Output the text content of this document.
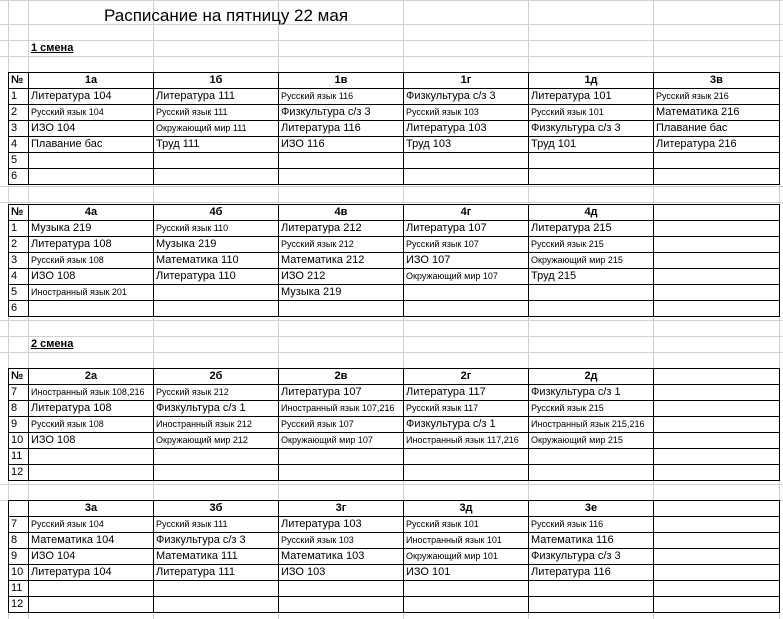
Расписание на пятницу 22 мая
1 смена
2 смена
№	1а	1б	1в	1г	1д	3в
1	Литература 104	Литература 111	Русский язык 116	Физкультура с/з 3	Литература 101	Русский язык 216
2	Русский язык 104	Русский язык 111	Физкультура с/з 3	Русский язык 103	Русский язык 101	Математика 216
3	ИЗО 104	Окружающий мир 111	Литература 116	Литература 103	Физкультура с/з 3	Плавание бас
4	Плавание бас	Труд 111	ИЗО 116	Труд 103	Труд 101	Литература 216
5						
6						
№	4а	4б	4в	4г	4д	
1	Музыка 219	Русский язык 110	Литература 212	Литература 107	Литература 215	
2	Литература 108	Музыка 219	Русский язык 212	Русский язык 107	Русский язык 215	
3	Русский язык 108	Математика 110	Математика 212	ИЗО 107	Окружающий мир 215	
4	ИЗО 108	Литература 110	ИЗО 212	Окружающий мир 107	Труд 215	
5	Иностранный язык 201		Музыка 219			
6						
№	2а	2б	2в	2г	2д	
7	Иностранный язык 108,216	Русский язык 212	Литература 107	Литература 117	Физкультура с/з 1	
8	Литература 108	Физкультура с/з 1	Иностранный язык 107,216	Русский язык 117	Русский язык 215	
9	Русский язык 108	Иностранный язык 212	Русский язык 107	Физкультура с/з 1	Иностранный язык 215,216	
10	ИЗО 108	Окружающий мир 212	Окружающий мир 107	Иностранный язык 117,216	Окружающий мир 215	
11						
12						
	3а	3б	3г	3д	3е	
7	Русский язык 104	Русский язык 111	Литература 103	Русский язык 101	Русский язык 116	
8	Математика 104	Физкультура с/з 3	Русский язык 103	Иностранный язык 101	Математика 116	
9	ИЗО 104	Математика 111	Математика 103	Окружающий мир 101	Физкультура с/з 3	
10	Литература 104	Литература 111	ИЗО 103	ИЗО 101	Литература 116	
11						
12						
